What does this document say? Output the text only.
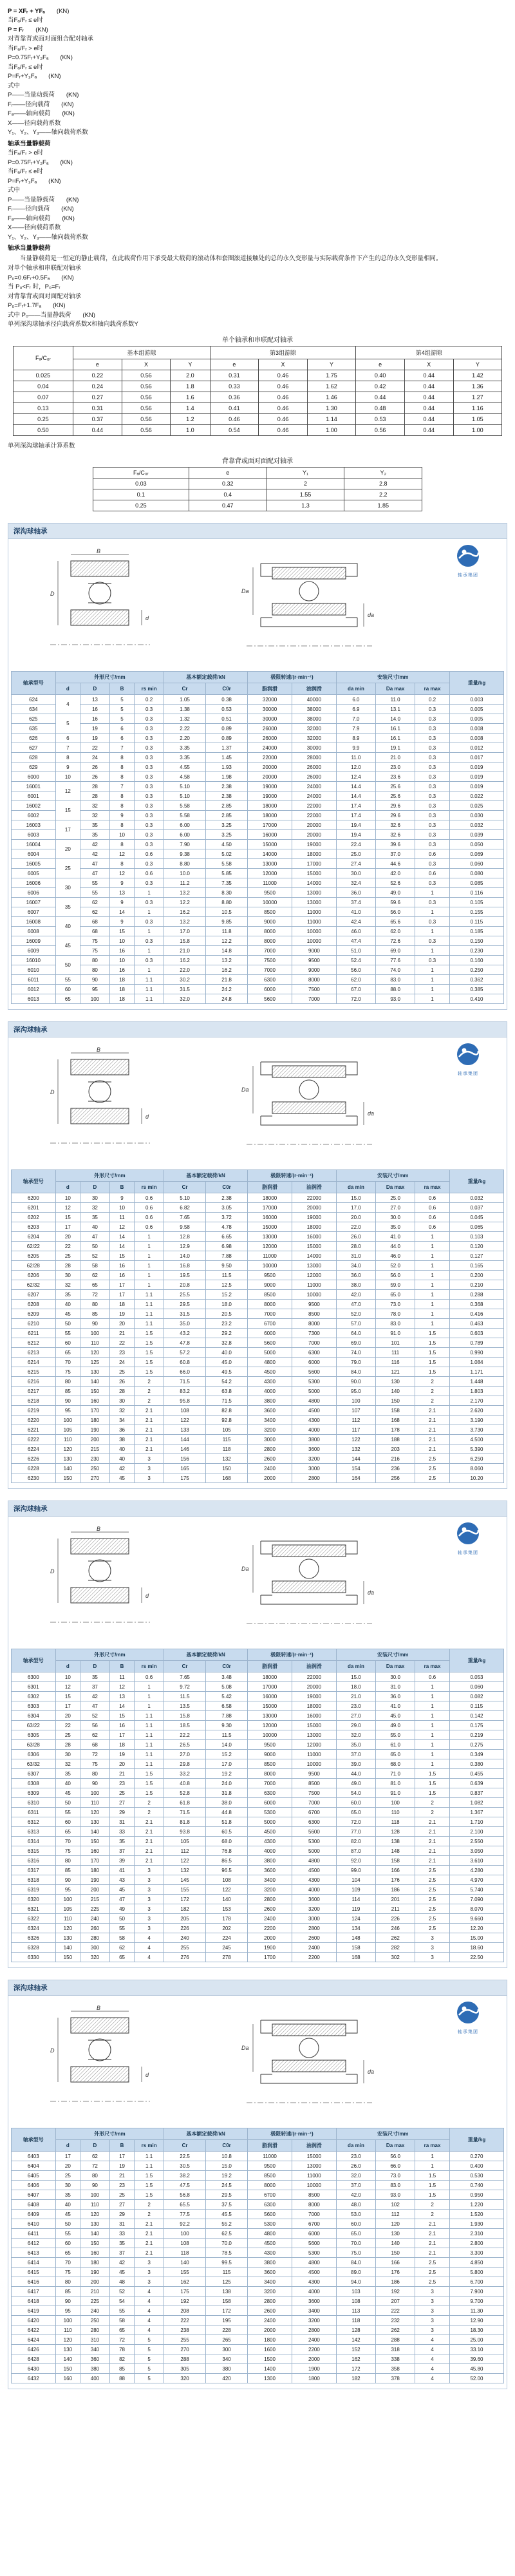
P = XFᵣ + YFₐ (KN)
当Fₐ/Fᵣ ≤ e时
P = Fᵣ (KN)
对背靠背或面对面组合配对轴承
当Fₐ/Fᵣ > e时
P=0.75Fᵣ+Y₂Fₐ (KN)
当Fₐ/Fᵣ ≤ e时
P=Fᵣ+Y₃Fₐ (KN)
式中
P——当量动载荷 (KN)
Fᵣ——径向载荷 (KN)
Fₐ——轴向载荷 (KN)
X——径向载荷系数
Y₁、Y₂、Y₃——轴向载荷系数
轴承当量静载荷
当Fₐ/Fᵣ > e时
P=0.75Fᵣ+Y₂Fₐ (KN)
当Fₐ/Fᵣ ≤ e时
P=Fᵣ+Y₃Fₐ (KN)
式中
P——当量静载荷 (KN)
Fᵣ——径向载荷 (KN)
Fₐ——轴向载荷 (KN)
X——径向载荷系数
Y₁、Y₂、Y₃——轴向载荷系数
轴承当量静载荷
当量静载荷是一恒定的静止载荷，在此载荷作用下承受最大载荷的滚动体和套圈滚道接触处的总的永久变形量与实际载荷条件下产生的总的永久变形量相同。
对单个轴承和串联配对轴承
P₀=0.6Fᵣ+0.5Fₐ (KN)
当 P₀<Fᵣ 时，P₀=Fᵣ
对背靠背或面对面配对轴承
P₀=Fᵣ+1.7Fₐ (KN)
式中 P₀——当量静载荷 (KN)
单列深沟球轴承径向载荷系数X和轴向载荷系数Y
单个轴承和串联配对轴承
Fₐ/C₀ᵣ	基本组游隙			第3组游隙			第4组游隙		
	e	X	Y	e	X	Y	e	X	Y
0.025	0.22	0.56	2.0	0.31	0.46	1.75	0.40	0.44	1.42
0.04	0.24	0.56	1.8	0.33	0.46	1.62	0.42	0.44	1.36
0.07	0.27	0.56	1.6	0.36	0.46	1.46	0.44	0.44	1.27
0.13	0.31	0.56	1.4	0.41	0.46	1.30	0.48	0.44	1.16
0.25	0.37	0.56	1.2	0.46	0.46	1.14	0.53	0.44	1.05
0.50	0.44	0.56	1.0	0.54	0.46	1.00	0.56	0.44	1.00
单列深沟球轴承计算系数
背靠背或面对面配对轴承
Fₐ/C₀ᵣ	e	Y₁	Y₂
0.03	0.32	2	2.8
0.1	0.4	1.55	2.2
0.25	0.47	1.3	1.85
深沟球轴承
B
D
d
Da
da
轴承集团
轴承型号	外形尺寸/mm				基本额定载荷/kN		极限转速/(r·min⁻¹)		安装尺寸/mm			重量/kg
	d	D	B	rs min	Cr	C0r	脂润滑	油润滑	da min	Da max	ra max	
624	4	13	5	0.2	1.05	0.38	32000	40000	6.0	11.0	0.2	0.003
634		16	5	0.3	1.38	0.53	30000	38000	6.9	13.1	0.3	0.005
625	5	16	5	0.3	1.32	0.51	30000	38000	7.0	14.0	0.3	0.005
635		19	6	0.3	2.22	0.89	26000	32000	7.9	16.1	0.3	0.008
626	6	19	6	0.3	2.20	0.89	26000	32000	8.9	16.1	0.3	0.008
627	7	22	7	0.3	3.35	1.37	24000	30000	9.9	19.1	0.3	0.012
628	8	24	8	0.3	3.35	1.45	22000	28000	11.0	21.0	0.3	0.017
629	9	26	8	0.3	4.55	1.93	20000	26000	12.0	23.0	0.3	0.019
6000	10	26	8	0.3	4.58	1.98	20000	26000	12.4	23.6	0.3	0.019
16001	12	28	7	0.3	5.10	2.38	19000	24000	14.4	25.6	0.3	0.019
6001		28	8	0.3	5.10	2.38	19000	24000	14.4	25.6	0.3	0.022
16002	15	32	8	0.3	5.58	2.85	18000	22000	17.4	29.6	0.3	0.025
6002		32	9	0.3	5.58	2.85	18000	22000	17.4	29.6	0.3	0.030
16003	17	35	8	0.3	6.00	3.25	17000	20000	19.4	32.6	0.3	0.032
6003		35	10	0.3	6.00	3.25	16000	20000	19.4	32.6	0.3	0.039
16004	20	42	8	0.3	7.90	4.50	15000	19000	22.4	39.6	0.3	0.050
6004		42	12	0.6	9.38	5.02	14000	18000	25.0	37.0	0.6	0.069
16005	25	47	8	0.3	8.80	5.58	13000	17000	27.4	44.6	0.3	0.060
6005		47	12	0.6	10.0	5.85	12000	15000	30.0	42.0	0.6	0.080
16006	30	55	9	0.3	11.2	7.35	11000	14000	32.4	52.6	0.3	0.085
6006		55	13	1	13.2	8.30	9500	13000	36.0	49.0	1	0.116
16007	35	62	9	0.3	12.2	8.80	10000	13000	37.4	59.6	0.3	0.105
6007		62	14	1	16.2	10.5	8500	11000	41.0	56.0	1	0.155
16008	40	68	9	0.3	13.2	9.85	9000	11000	42.4	65.6	0.3	0.115
6008		68	15	1	17.0	11.8	8000	10000	46.0	62.0	1	0.185
16009	45	75	10	0.3	15.8	12.2	8000	10000	47.4	72.6	0.3	0.150
6009		75	16	1	21.0	14.8	7000	9000	51.0	69.0	1	0.230
16010	50	80	10	0.3	16.2	13.2	7500	9500	52.4	77.6	0.3	0.160
6010		80	16	1	22.0	16.2	7000	9000	56.0	74.0	1	0.250
6011	55	90	18	1.1	30.2	21.8	6300	8000	62.0	83.0	1	0.362
6012	60	95	18	1.1	31.5	24.2	6000	7500	67.0	88.0	1	0.385
6013	65	100	18	1.1	32.0	24.8	5600	7000	72.0	93.0	1	0.410
深沟球轴承
B
D
d
Da
da
轴承集团
轴承型号	外形尺寸/mm				基本额定载荷/kN		极限转速/(r·min⁻¹)		安装尺寸/mm			重量/kg
	d	D	B	rs min	Cr	C0r	脂润滑	油润滑	da min	Da max	ra max	
6200	10	30	9	0.6	5.10	2.38	18000	22000	15.0	25.0	0.6	0.032
6201	12	32	10	0.6	6.82	3.05	17000	20000	17.0	27.0	0.6	0.037
6202	15	35	11	0.6	7.65	3.72	16000	19000	20.0	30.0	0.6	0.045
6203	17	40	12	0.6	9.58	4.78	15000	18000	22.0	35.0	0.6	0.065
6204	20	47	14	1	12.8	6.65	13000	16000	26.0	41.0	1	0.103
62/22	22	50	14	1	12.9	6.98	12000	15000	28.0	44.0	1	0.120
6205	25	52	15	1	14.0	7.88	11000	14000	31.0	46.0	1	0.127
62/28	28	58	16	1	16.8	9.50	10000	13000	34.0	52.0	1	0.165
6206	30	62	16	1	19.5	11.5	9500	12000	36.0	56.0	1	0.200
62/32	32	65	17	1	20.8	12.5	9000	11000	38.0	59.0	1	0.210
6207	35	72	17	1.1	25.5	15.2	8500	10000	42.0	65.0	1	0.288
6208	40	80	18	1.1	29.5	18.0	8000	9500	47.0	73.0	1	0.368
6209	45	85	19	1.1	31.5	20.5	7000	8500	52.0	78.0	1	0.416
6210	50	90	20	1.1	35.0	23.2	6700	8000	57.0	83.0	1	0.463
6211	55	100	21	1.5	43.2	29.2	6000	7300	64.0	91.0	1.5	0.603
6212	60	110	22	1.5	47.8	32.8	5600	7000	69.0	101	1.5	0.789
6213	65	120	23	1.5	57.2	40.0	5000	6300	74.0	111	1.5	0.990
6214	70	125	24	1.5	60.8	45.0	4800	6000	79.0	116	1.5	1.084
6215	75	130	25	1.5	66.0	49.5	4500	5600	84.0	121	1.5	1.171
6216	80	140	26	2	71.5	54.2	4300	5300	90.0	130	2	1.448
6217	85	150	28	2	83.2	63.8	4000	5000	95.0	140	2	1.803
6218	90	160	30	2	95.8	71.5	3800	4800	100	150	2	2.170
6219	95	170	32	2.1	108	82.8	3600	4500	107	158	2.1	2.620
6220	100	180	34	2.1	122	92.8	3400	4300	112	168	2.1	3.190
6221	105	190	36	2.1	133	105	3200	4000	117	178	2.1	3.730
6222	110	200	38	2.1	144	115	3000	3800	122	188	2.1	4.500
6224	120	215	40	2.1	146	118	2800	3600	132	203	2.1	5.390
6226	130	230	40	3	156	132	2600	3200	144	216	2.5	6.250
6228	140	250	42	3	165	150	2400	3000	154	236	2.5	8.060
6230	150	270	45	3	175	168	2000	2800	164	256	2.5	10.20
深沟球轴承
B
D
d
Da
da
轴承集团
轴承型号	外形尺寸/mm				基本额定载荷/kN		极限转速/(r·min⁻¹)		安装尺寸/mm			重量/kg
	d	D	B	rs min	Cr	C0r	脂润滑	油润滑	da min	Da max	ra max	
6300	10	35	11	0.6	7.65	3.48	18000	22000	15.0	30.0	0.6	0.053
6301	12	37	12	1	9.72	5.08	17000	20000	18.0	31.0	1	0.060
6302	15	42	13	1	11.5	5.42	16000	19000	21.0	36.0	1	0.082
6303	17	47	14	1	13.5	6.58	15000	18000	23.0	41.0	1	0.115
6304	20	52	15	1.1	15.8	7.88	13000	16000	27.0	45.0	1	0.142
63/22	22	56	16	1.1	18.5	9.30	12000	15000	29.0	49.0	1	0.175
6305	25	62	17	1.1	22.2	11.5	10000	13000	32.0	55.0	1	0.219
63/28	28	68	18	1.1	26.5	14.0	9500	12000	35.0	61.0	1	0.275
6306	30	72	19	1.1	27.0	15.2	9000	11000	37.0	65.0	1	0.349
63/32	32	75	20	1.1	29.8	17.0	8500	10000	39.0	68.0	1	0.380
6307	35	80	21	1.5	33.2	19.2	8000	9500	44.0	71.0	1.5	0.455
6308	40	90	23	1.5	40.8	24.0	7000	8500	49.0	81.0	1.5	0.639
6309	45	100	25	1.5	52.8	31.8	6300	7500	54.0	91.0	1.5	0.837
6310	50	110	27	2	61.8	38.0	6000	7000	60.0	100	2	1.082
6311	55	120	29	2	71.5	44.8	5300	6700	65.0	110	2	1.367
6312	60	130	31	2.1	81.8	51.8	5000	6300	72.0	118	2.1	1.710
6313	65	140	33	2.1	93.8	60.5	4500	5600	77.0	128	2.1	2.100
6314	70	150	35	2.1	105	68.0	4300	5300	82.0	138	2.1	2.550
6315	75	160	37	2.1	112	76.8	4000	5000	87.0	148	2.1	3.050
6316	80	170	39	2.1	122	86.5	3800	4800	92.0	158	2.1	3.610
6317	85	180	41	3	132	96.5	3600	4500	99.0	166	2.5	4.280
6318	90	190	43	3	145	108	3400	4300	104	176	2.5	4.970
6319	95	200	45	3	155	122	3200	4000	109	186	2.5	5.740
6320	100	215	47	3	172	140	2800	3600	114	201	2.5	7.090
6321	105	225	49	3	182	153	2600	3200	119	211	2.5	8.070
6322	110	240	50	3	205	178	2400	3000	124	226	2.5	9.660
6324	120	260	55	3	226	202	2200	2800	134	246	2.5	12.20
6326	130	280	58	4	240	224	2000	2600	148	262	3	15.00
6328	140	300	62	4	255	245	1900	2400	158	282	3	18.60
6330	150	320	65	4	276	278	1700	2200	168	302	3	22.50
深沟球轴承
B
D
d
Da
da
轴承集团
轴承型号	外形尺寸/mm				基本额定载荷/kN		极限转速/(r·min⁻¹)		安装尺寸/mm			重量/kg
	d	D	B	rs min	Cr	C0r	脂润滑	油润滑	da min	Da max	ra max	
6403	17	62	17	1.1	22.5	10.8	11000	15000	23.0	56.0	1	0.270
6404	20	72	19	1.1	30.5	15.0	9500	13000	26.0	66.0	1	0.400
6405	25	80	21	1.5	38.2	19.2	8500	11000	32.0	73.0	1.5	0.530
6406	30	90	23	1.5	47.5	24.5	8000	10000	37.0	83.0	1.5	0.740
6407	35	100	25	1.5	56.8	29.5	6700	8500	42.0	93.0	1.5	0.950
6408	40	110	27	2	65.5	37.5	6300	8000	48.0	102	2	1.220
6409	45	120	29	2	77.5	45.5	5600	7000	53.0	112	2	1.520
6410	50	130	31	2.1	92.2	55.2	5300	6700	60.0	120	2.1	1.930
6411	55	140	33	2.1	100	62.5	4800	6000	65.0	130	2.1	2.310
6412	60	150	35	2.1	108	70.0	4500	5600	70.0	140	2.1	2.800
6413	65	160	37	2.1	118	78.5	4300	5300	75.0	150	2.1	3.300
6414	70	180	42	3	140	99.5	3800	4800	84.0	166	2.5	4.850
6415	75	190	45	3	155	115	3600	4500	89.0	176	2.5	5.800
6416	80	200	48	3	162	125	3400	4300	94.0	186	2.5	6.700
6417	85	210	52	4	175	138	3200	4000	103	192	3	7.900
6418	90	225	54	4	192	158	2800	3600	108	207	3	9.700
6419	95	240	55	4	208	172	2600	3400	113	222	3	11.30
6420	100	250	58	4	222	195	2400	3200	118	232	3	12.90
6422	110	280	65	4	238	228	2000	2800	128	262	3	18.30
6424	120	310	72	5	255	265	1800	2400	142	288	4	25.00
6426	130	340	78	5	270	300	1600	2200	152	318	4	33.10
6428	140	360	82	5	288	340	1500	2000	162	338	4	39.60
6430	150	380	85	5	305	380	1400	1900	172	358	4	45.80
6432	160	400	88	5	320	420	1300	1800	182	378	4	52.00
